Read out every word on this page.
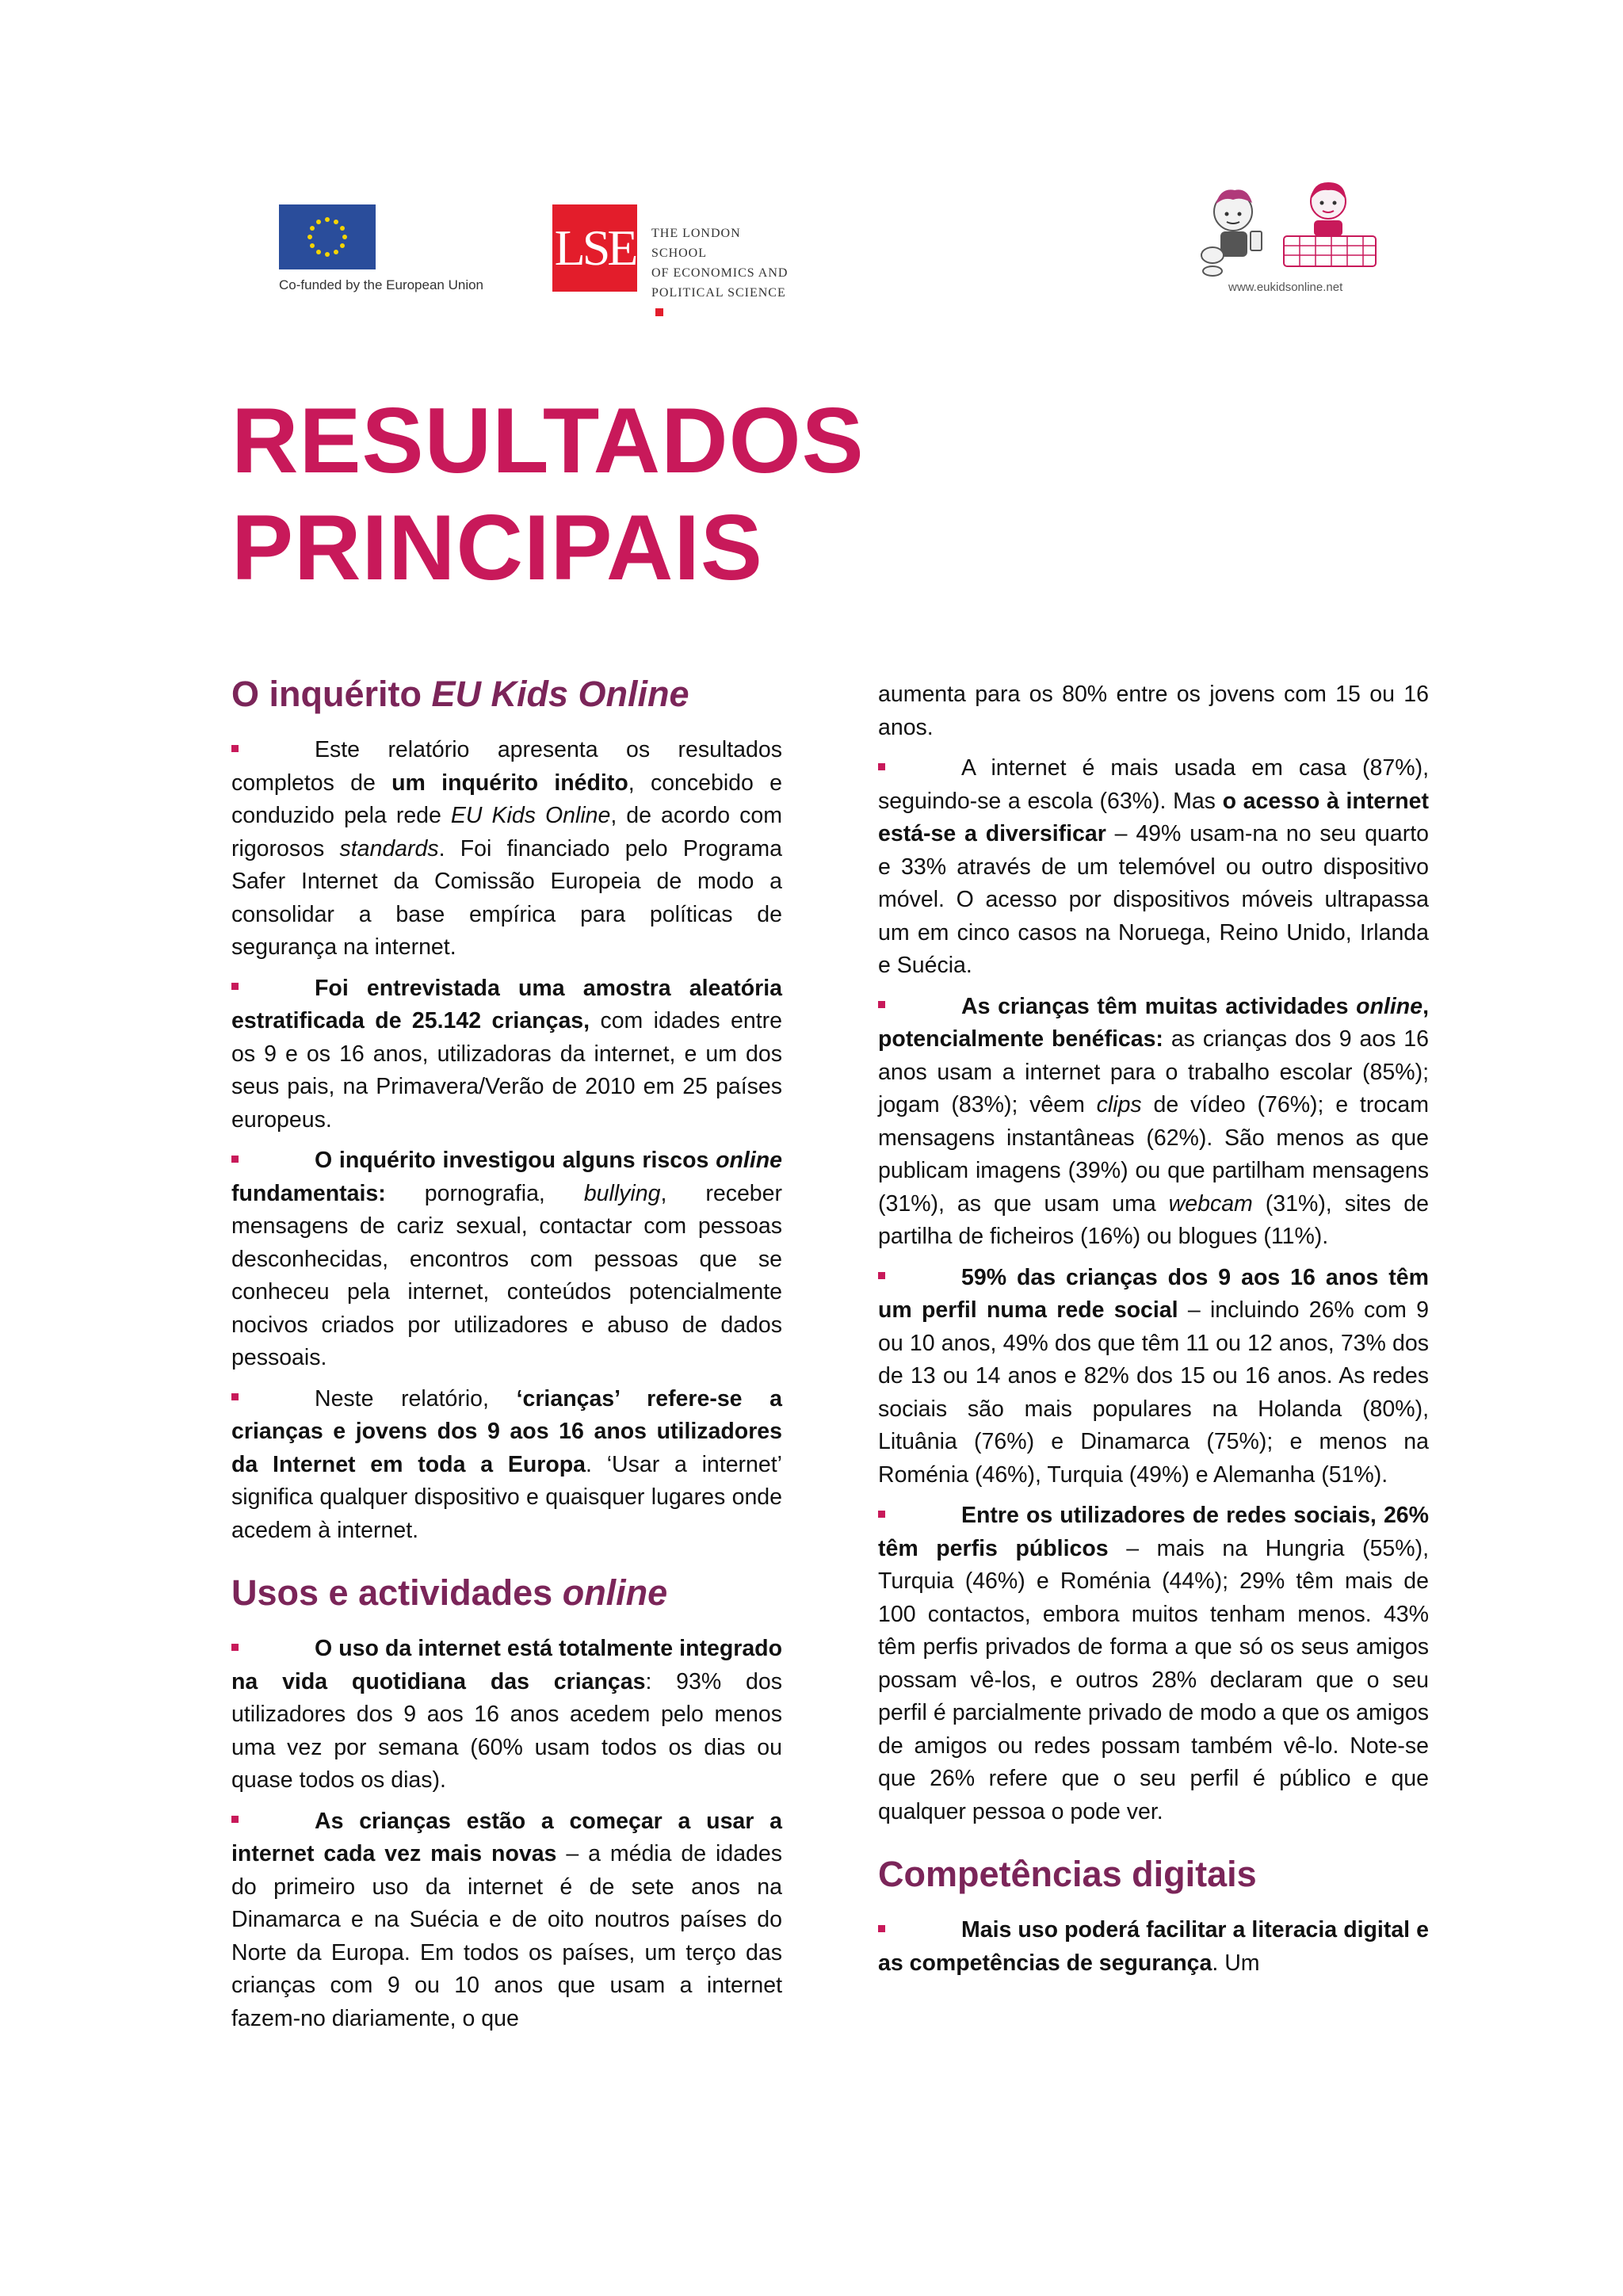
Co-funded by the European Union
LSE THE LONDON SCHOOL
OF ECONOMICS AND
POLITICAL SCIENCE	www.eukidsonline.net
RESULTADOS
PRINCIPAIS
O inquérito EU Kids Online

Este relatório apresenta os resultados completos de um inquérito inédito, concebido e conduzido pela rede EU Kids Online, de acordo com rigorosos standards. Foi financiado pelo Programa Safer Internet da Comissão Europeia de modo a consolidar a base empírica para políticas de segurança na internet.

Foi entrevistada uma amostra aleatória estratificada de 25.142 crianças, com idades entre os 9 e os 16 anos, utilizadoras da internet, e um dos seus pais, na Primavera/Verão de 2010 em 25 países europeus.

O inquérito investigou alguns riscos online fundamentais: pornografia, bullying, receber mensagens de cariz sexual, contactar com pessoas desconhecidas, encontros com pessoas que se conheceu pela internet, conteúdos potencialmente nocivos criados por utilizadores e abuso de dados pessoais.

Neste relatório, ‘crianças’ refere-se a crianças e jovens dos 9 aos 16 anos utilizadores da Internet em toda a Europa. ‘Usar a internet’ significa qualquer dispositivo e quaisquer lugares onde acedem à internet.

Usos e actividades online

O uso da internet está totalmente integrado na vida quotidiana das crianças: 93% dos utilizadores dos 9 aos 16 anos acedem pelo menos uma vez por semana (60% usam todos os dias ou quase todos os dias).

As crianças estão a começar a usar a internet cada vez mais novas – a média de idades do primeiro uso da internet é de sete anos na Dinamarca e na Suécia e de oito noutros países do Norte da Europa. Em todos os países, um terço das crianças com 9 ou 10 anos que usam a internet fazem-no diariamente, o que

aumenta para os 80% entre os jovens com 15 ou 16 anos.

A internet é mais usada em casa (87%), seguindo-se a escola (63%). Mas o acesso à internet está-se a diversificar – 49% usam-na no seu quarto e 33% através de um telemóvel ou outro dispositivo móvel. O acesso por dispositivos móveis ultrapassa um em cinco casos na Noruega, Reino Unido, Irlanda e Suécia.

As crianças têm muitas actividades online, potencialmente benéficas: as crianças dos 9 aos 16 anos usam a internet para o trabalho escolar (85%); jogam (83%); vêem clips de vídeo (76%); e trocam mensagens instantâneas (62%). São menos as que publicam imagens (39%) ou que partilham mensagens (31%), as que usam uma webcam (31%), sites de partilha de ficheiros (16%) ou blogues (11%).

59% das crianças dos 9 aos 16 anos têm um perfil numa rede social – incluindo 26% com 9 ou 10 anos, 49% dos que têm 11 ou 12 anos, 73% dos de 13 ou 14 anos e 82% dos 15 ou 16 anos. As redes sociais são mais populares na Holanda (80%), Lituânia (76%) e Dinamarca (75%); e menos na Roménia (46%), Turquia (49%) e Alemanha (51%).

Entre os utilizadores de redes sociais, 26% têm perfis públicos – mais na Hungria (55%), Turquia (46%) e Roménia (44%); 29% têm mais de 100 contactos, embora muitos tenham menos. 43% têm perfis privados de forma a que só os seus amigos possam vê-los, e outros 28% declaram que o seu perfil é parcialmente privado de modo a que os amigos de amigos ou redes possam também vê-lo. Note-se que 26% refere que o seu perfil é público e que qualquer pessoa o pode ver.

Competências digitais

Mais uso poderá facilitar a literacia digital e as competências de segurança. Um
